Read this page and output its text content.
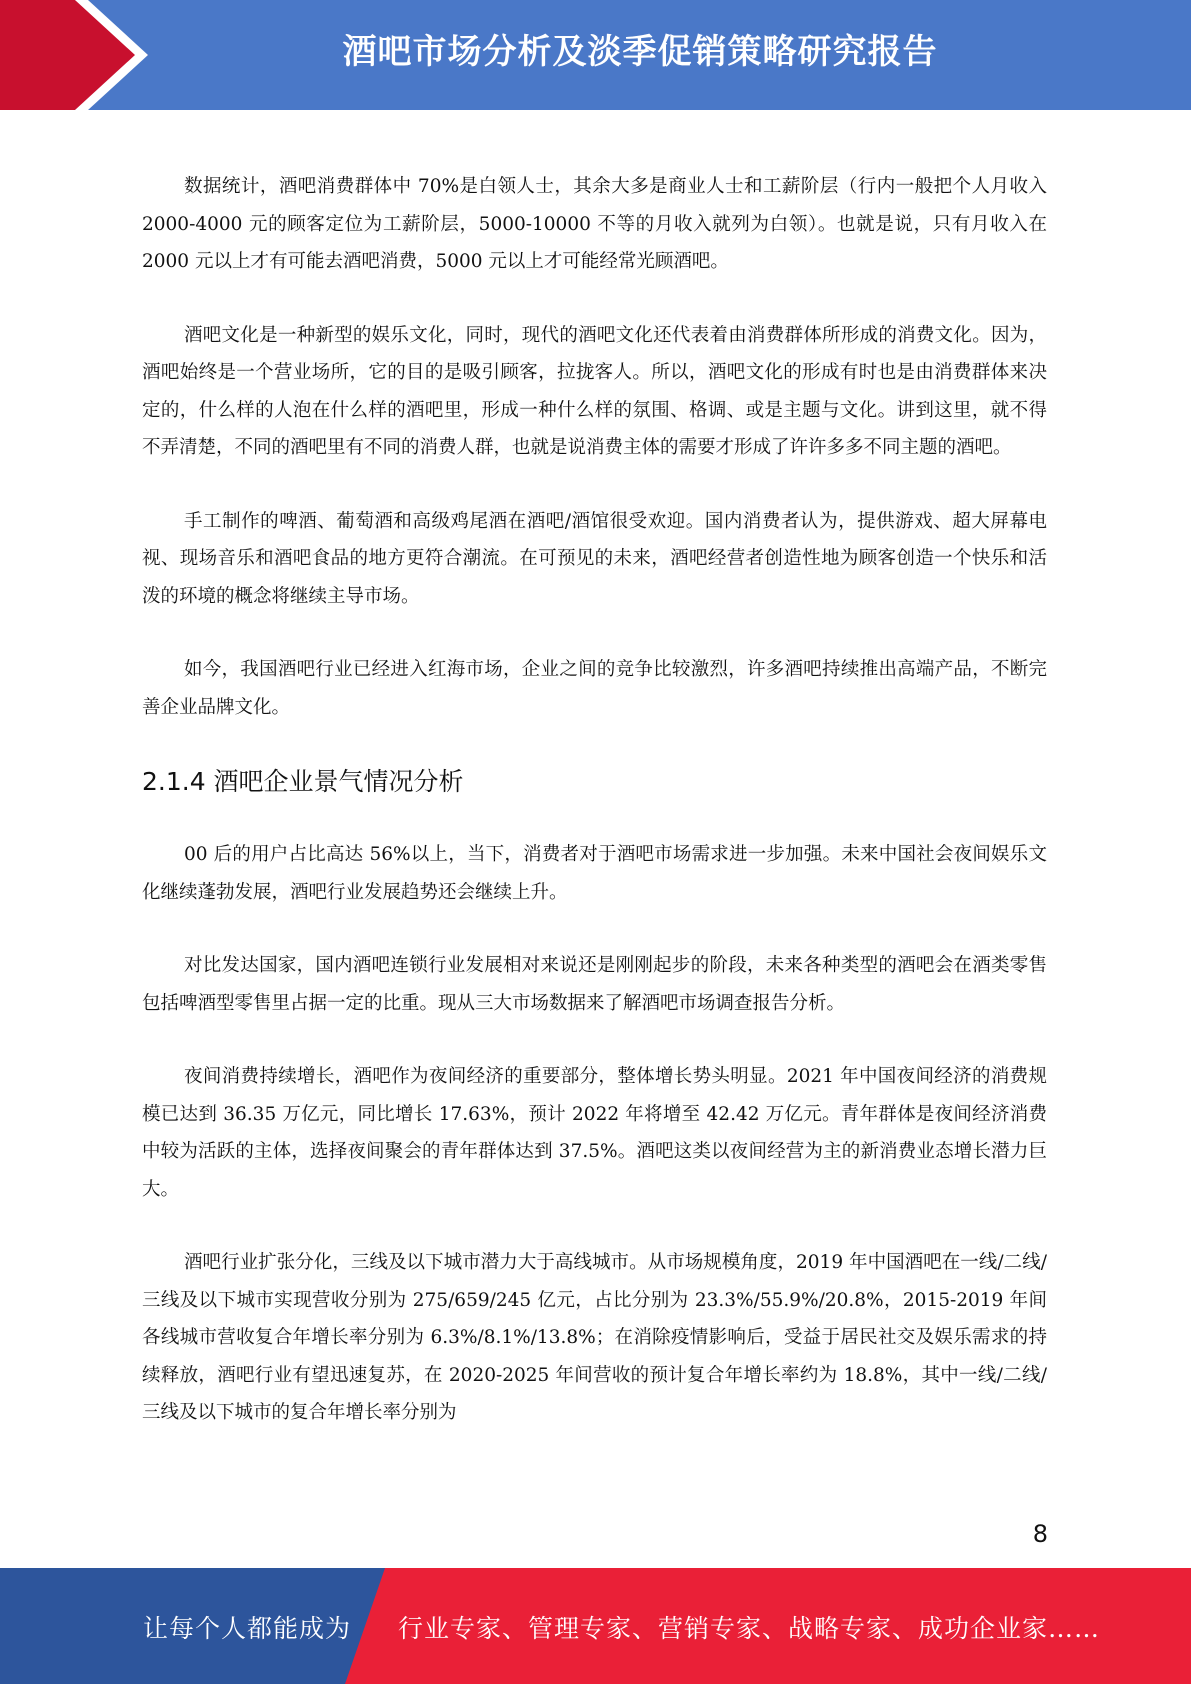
酒吧市场分析及淡季促销策略研究报告

数据统计，酒吧消费群体中 70%是白领人士，其余大多是商业人士和工薪阶层（行内一般把个人月收入 2000-4000 元的顾客定位为工薪阶层，5000-10000 不等的月收入就列为白领）。也就是说，只有月收入在 2000 元以上才有可能去酒吧消费，5000 元以上才可能经常光顾酒吧。

酒吧文化是一种新型的娱乐文化，同时，现代的酒吧文化还代表着由消费群体所形成的消费文化。因为，酒吧始终是一个营业场所，它的目的是吸引顾客，拉拢客人。所以，酒吧文化的形成有时也是由消费群体来决定的，什么样的人泡在什么样的酒吧里，形成一种什么样的氛围、格调、或是主题与文化。讲到这里，就不得不弄清楚，不同的酒吧里有不同的消费人群，也就是说消费主体的需要才形成了许许多多不同主题的酒吧。

手工制作的啤酒、葡萄酒和高级鸡尾酒在酒吧/酒馆很受欢迎。国内消费者认为，提供游戏、超大屏幕电视、现场音乐和酒吧食品的地方更符合潮流。在可预见的未来，酒吧经营者创造性地为顾客创造一个快乐和活泼的环境的概念将继续主导市场。

如今，我国酒吧行业已经进入红海市场，企业之间的竞争比较激烈，许多酒吧持续推出高端产品，不断完善企业品牌文化。

2.1.4 酒吧企业景气情况分析

00 后的用户占比高达 56%以上，当下，消费者对于酒吧市场需求进一步加强。未来中国社会夜间娱乐文化继续蓬勃发展，酒吧行业发展趋势还会继续上升。

对比发达国家，国内酒吧连锁行业发展相对来说还是刚刚起步的阶段，未来各种类型的酒吧会在酒类零售包括啤酒型零售里占据一定的比重。现从三大市场数据来了解酒吧市场调查报告分析。

夜间消费持续增长，酒吧作为夜间经济的重要部分，整体增长势头明显。2021 年中国夜间经济的消费规模已达到 36.35 万亿元，同比增长 17.63%，预计 2022 年将增至 42.42 万亿元。青年群体是夜间经济消费中较为活跃的主体，选择夜间聚会的青年群体达到 37.5%。酒吧这类以夜间经营为主的新消费业态增长潜力巨大。

酒吧行业扩张分化，三线及以下城市潜力大于高线城市。从市场规模角度，2019 年中国酒吧在一线/二线/三线及以下城市实现营收分别为 275/659/245 亿元，占比分别为 23.3%/55.9%/20.8%，2015-2019 年间各线城市营收复合年增长率分别为 6.3%/8.1%/13.8%；在消除疫情影响后，受益于居民社交及娱乐需求的持续释放，酒吧行业有望迅速复苏，在 2020-2025 年间营收的预计复合年增长率约为 18.8%，其中一线/二线/三线及以下城市的复合年增长率分别为

8
让每个人都能成为 行业专家、管理专家、营销专家、战略专家、成功企业家……
